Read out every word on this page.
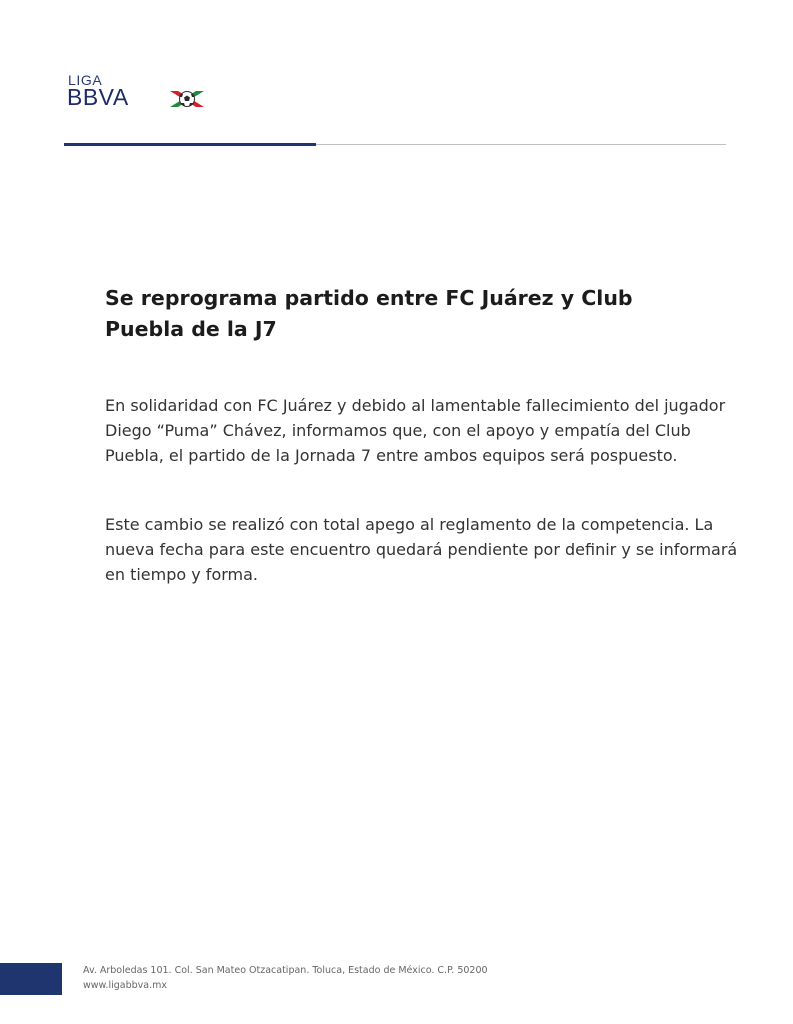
LIGA
BBVA
Se reprograma partido entre FC Juárez y Club Puebla de la J7

En solidaridad con FC Juárez y debido al lamentable fallecimiento del jugador Diego “Puma” Chávez, informamos que, con el apoyo y empatía del Club Puebla, el partido de la Jornada 7 entre ambos equipos será pospuesto.

Este cambio se realizó con total apego al reglamento de la competencia. La nueva fecha para este encuentro quedará pendiente por definir y se informará en tiempo y forma.

Av. Arboledas 101. Col. San Mateo Otzacatipan. Toluca, Estado de México. C.P. 50200
www.ligabbva.mx
